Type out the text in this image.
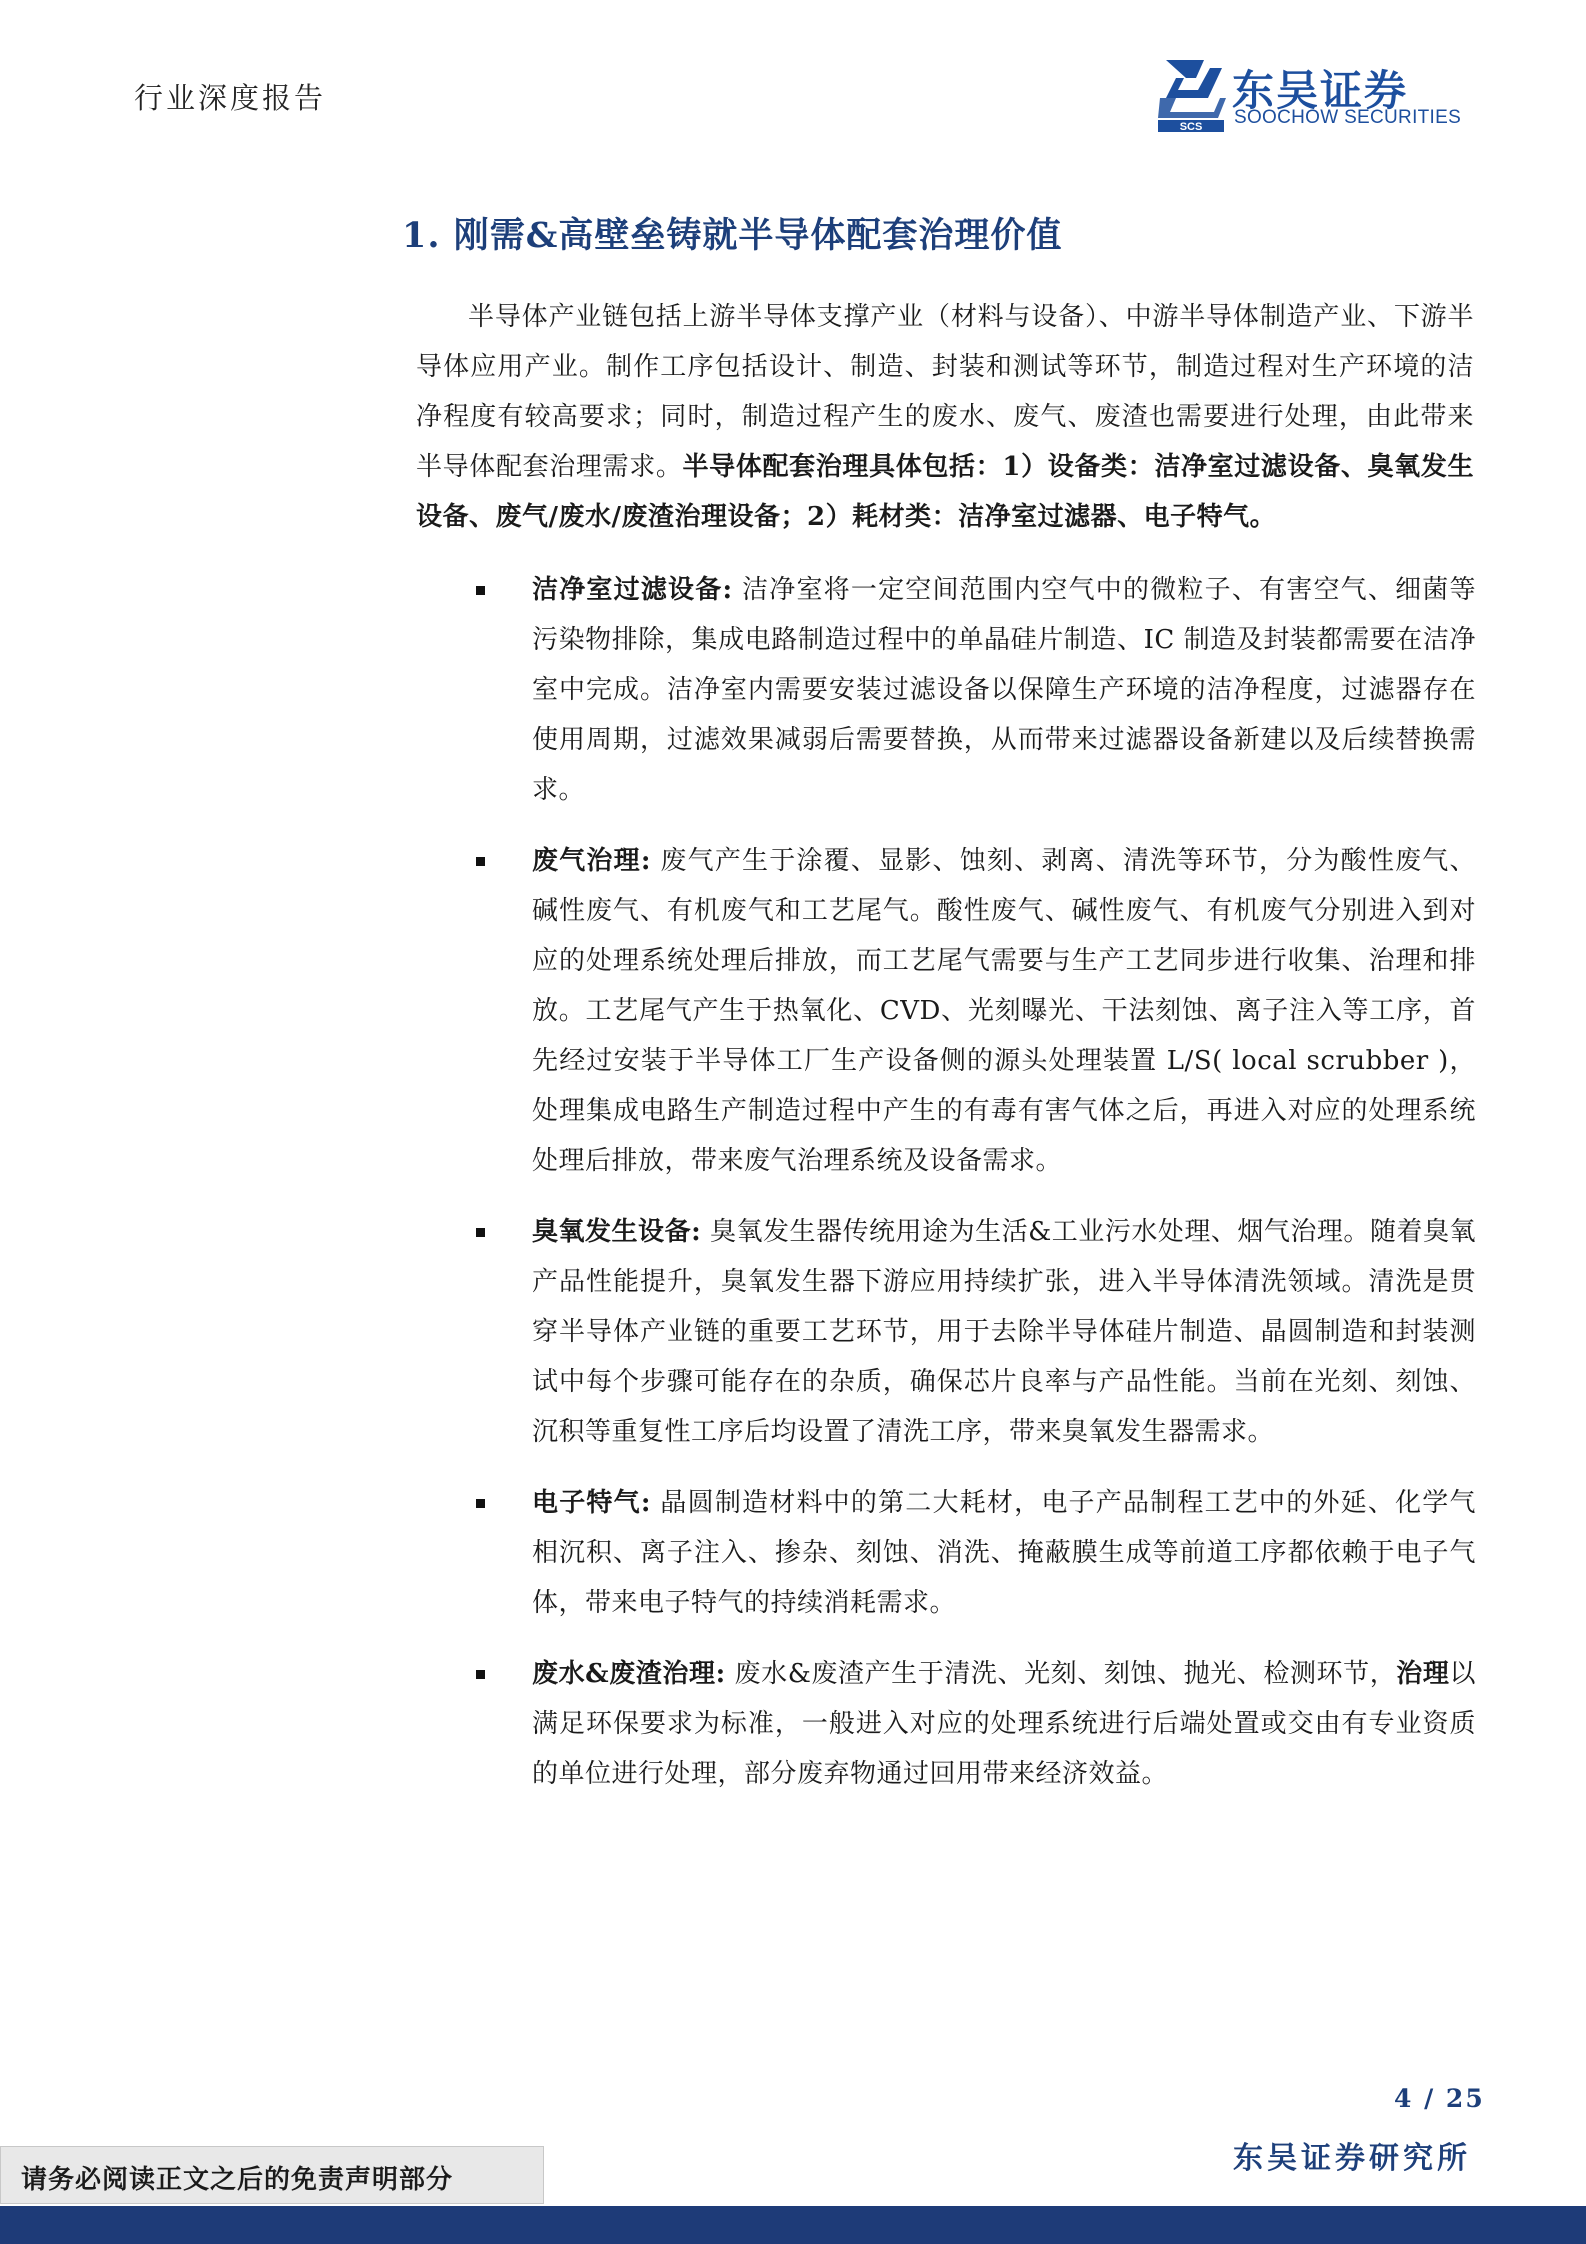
行业深度报告
SCS
东吴证券
SOOCHOW SECURITIES
1. 刚需&高壁垒铸就半导体配套治理价值

半导体产业链包括上游半导体支撑产业（材料与设备）、中游半导体制造产业、下游半导体应用产业。制作工序包括设计、制造、封装和测试等环节，制造过程对生产环境的洁净程度有较高要求；同时，制造过程产生的废水、废气、废渣也需要进行处理，由此带来半导体配套治理需求。半导体配套治理具体包括：1）设备类：洁净室过滤设备、臭氧发生设备、废气/废水/废渣治理设备；2）耗材类：洁净室过滤器、电子特气。

洁净室过滤设备: 洁净室将一定空间范围内空气中的微粒子、有害空气、细菌等污染物排除，集成电路制造过程中的单晶硅片制造、IC 制造及封装都需要在洁净室中完成。洁净室内需要安装过滤设备以保障生产环境的洁净程度，过滤器存在使用周期，过滤效果减弱后需要替换，从而带来过滤器设备新建以及后续替换需求。
废气治理: 废气产生于涂覆、显影、蚀刻、剥离、清洗等环节，分为酸性废气、碱性废气、有机废气和工艺尾气。酸性废气、碱性废气、有机废气分别进入到对应的处理系统处理后排放，而工艺尾气需要与生产工艺同步进行收集、治理和排放。工艺尾气产生于热氧化、CVD、光刻曝光、干法刻蚀、离子注入等工序，首先经过安装于半导体工厂生产设备侧的源头处理装置 L/S( local scrubber )，处理集成电路生产制造过程中产生的有毒有害气体之后，再进入对应的处理系统处理后排放，带来废气治理系统及设备需求。
臭氧发生设备: 臭氧发生器传统用途为生活&工业污水处理、烟气治理。随着臭氧产品性能提升，臭氧发生器下游应用持续扩张，进入半导体清洗领域。清洗是贯穿半导体产业链的重要工艺环节，用于去除半导体硅片制造、晶圆制造和封装测试中每个步骤可能存在的杂质，确保芯片良率与产品性能。当前在光刻、刻蚀、沉积等重复性工序后均设置了清洗工序，带来臭氧发生器需求。
电子特气: 晶圆制造材料中的第二大耗材，电子产品制程工艺中的外延、化学气相沉积、离子注入、掺杂、刻蚀、消洗、掩蔽膜生成等前道工序都依赖于电子气体，带来电子特气的持续消耗需求。
废水&废渣治理: 废水&废渣产生于清洗、光刻、刻蚀、抛光、检测环节，治理以满足环保要求为标准，一般进入对应的处理系统进行后端处置或交由有专业资质的单位进行处理，部分废弃物通过回用带来经济效益。
4 / 25
东吴证券研究所
请务必阅读正文之后的免责声明部分
